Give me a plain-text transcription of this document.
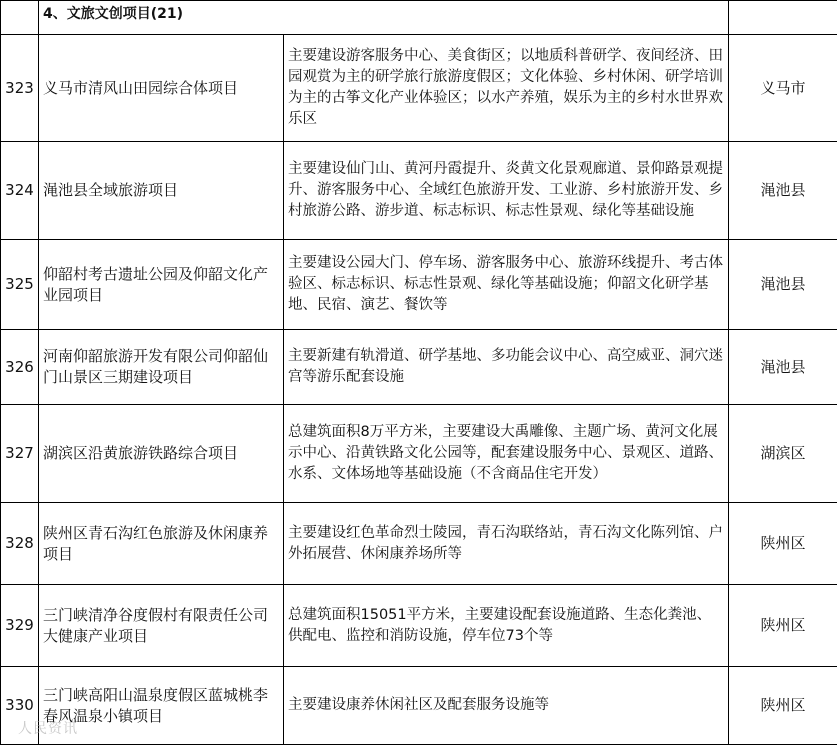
	4、文旅文创项目(21)		
323	义马市清风山田园综合体项目	主要建设游客服务中心、美食街区；以地质科普研学、夜间经济、田园观赏为主的研学旅行旅游度假区；文化体验、乡村休闲、研学培训为主的古筝文化产业体验区；以水产养殖，娱乐为主的乡村水世界欢乐区	义马市
324	渑池县全域旅游项目	主要建设仙门山、黄河丹霞提升、炎黄文化景观廊道、景仰路景观提升、游客服务中心、全域红色旅游开发、工业游、乡村旅游开发、乡村旅游公路、游步道、标志标识、标志性景观、绿化等基础设施	渑池县
325	仰韶村考古遗址公园及仰韶文化产业园项目	主要建设公园大门、停车场、游客服务中心、旅游环线提升、考古体验区、标志标识、标志性景观、绿化等基础设施；仰韶文化研学基地、民宿、演艺、餐饮等	渑池县
326	河南仰韶旅游开发有限公司仰韶仙门山景区三期建设项目	主要新建有轨滑道、研学基地、多功能会议中心、高空威亚、洞穴迷宫等游乐配套设施	渑池县
327	湖滨区沿黄旅游铁路综合项目	总建筑面积8万平方米，主要建设大禹雕像、主题广场、黄河文化展示中心、沿黄铁路文化公园等，配套建设服务中心、景观区、道路、水系、文体场地等基础设施（不含商品住宅开发）	湖滨区
328	陕州区青石沟红色旅游及休闲康养项目	主要建设红色革命烈士陵园，青石沟联络站，青石沟文化陈列馆、户外拓展营、休闲康养场所等	陕州区
329	三门峡清净谷度假村有限责任公司大健康产业项目	总建筑面积15051平方米，主要建设配套设施道路、生态化粪池、供配电、监控和消防设施，停车位73个等	陕州区
330	三门峡高阳山温泉度假区蓝城桃李春风温泉小镇项目	主要建设康养休闲社区及配套服务设施等	陕州区
人民资讯
